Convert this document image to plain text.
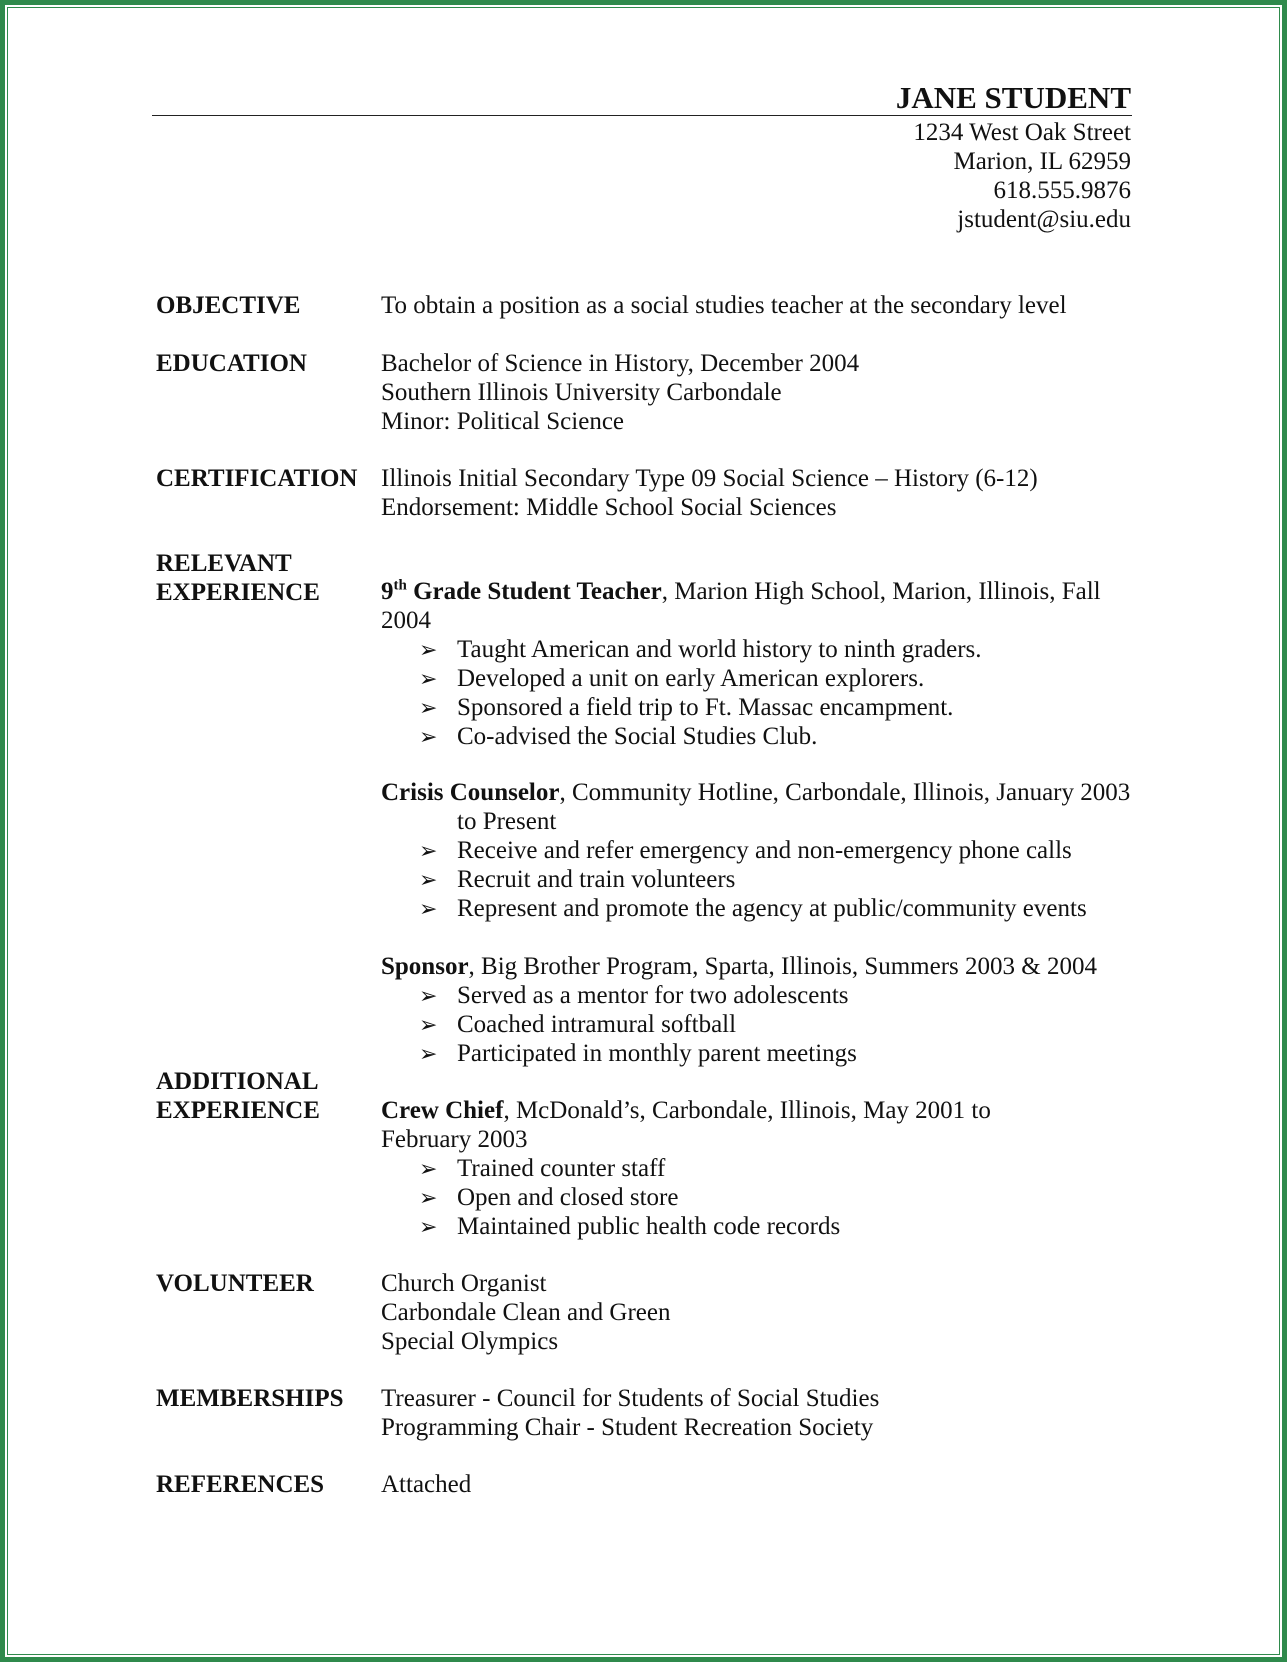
JANE STUDENT
1234 West Oak Street
Marion, IL 62959
618.555.9876
jstudent@siu.edu
OBJECTIVE	To obtain a position as a social studies teacher at the secondary level
EDUCATION	Bachelor of Science in History, December 2004
Southern Illinois University Carbondale
Minor: Political Science
CERTIFICATION Illinois Initial Secondary Type 09 Social Science – History (6-12)
Endorsement: Middle School Social Sciences
RELEVANT
EXPERIENCE 9th Grade Student Teacher, Marion High School, Marion, Illinois, Fall
2004
➢ Taught American and world history to ninth graders.
➢ Developed a unit on early American explorers.
➢ Sponsored a field trip to Ft. Massac encampment.
➢ Co-advised the Social Studies Club.
Crisis Counselor, Community Hotline, Carbondale, Illinois, January 2003
to Present
➢ Receive and refer emergency and non-emergency phone calls
➢ Recruit and train volunteers
➢ Represent and promote the agency at public/community events
Sponsor, Big Brother Program, Sparta, Illinois, Summers 2003 & 2004
➢ Served as a mentor for two adolescents
➢ Coached intramural softball
➢ Participated in monthly parent meetings
ADDITIONAL
EXPERIENCE Crew Chief, McDonald’s, Carbondale, Illinois, May 2001 to
February 2003
➢ Trained counter staff
➢ Open and closed store
➢ Maintained public health code records
VOLUNTEER	Church Organist
Carbondale Clean and Green
Special Olympics
MEMBERSHIPS Treasurer - Council for Students of Social Studies
Programming Chair - Student Recreation Society
REFERENCES Attached
